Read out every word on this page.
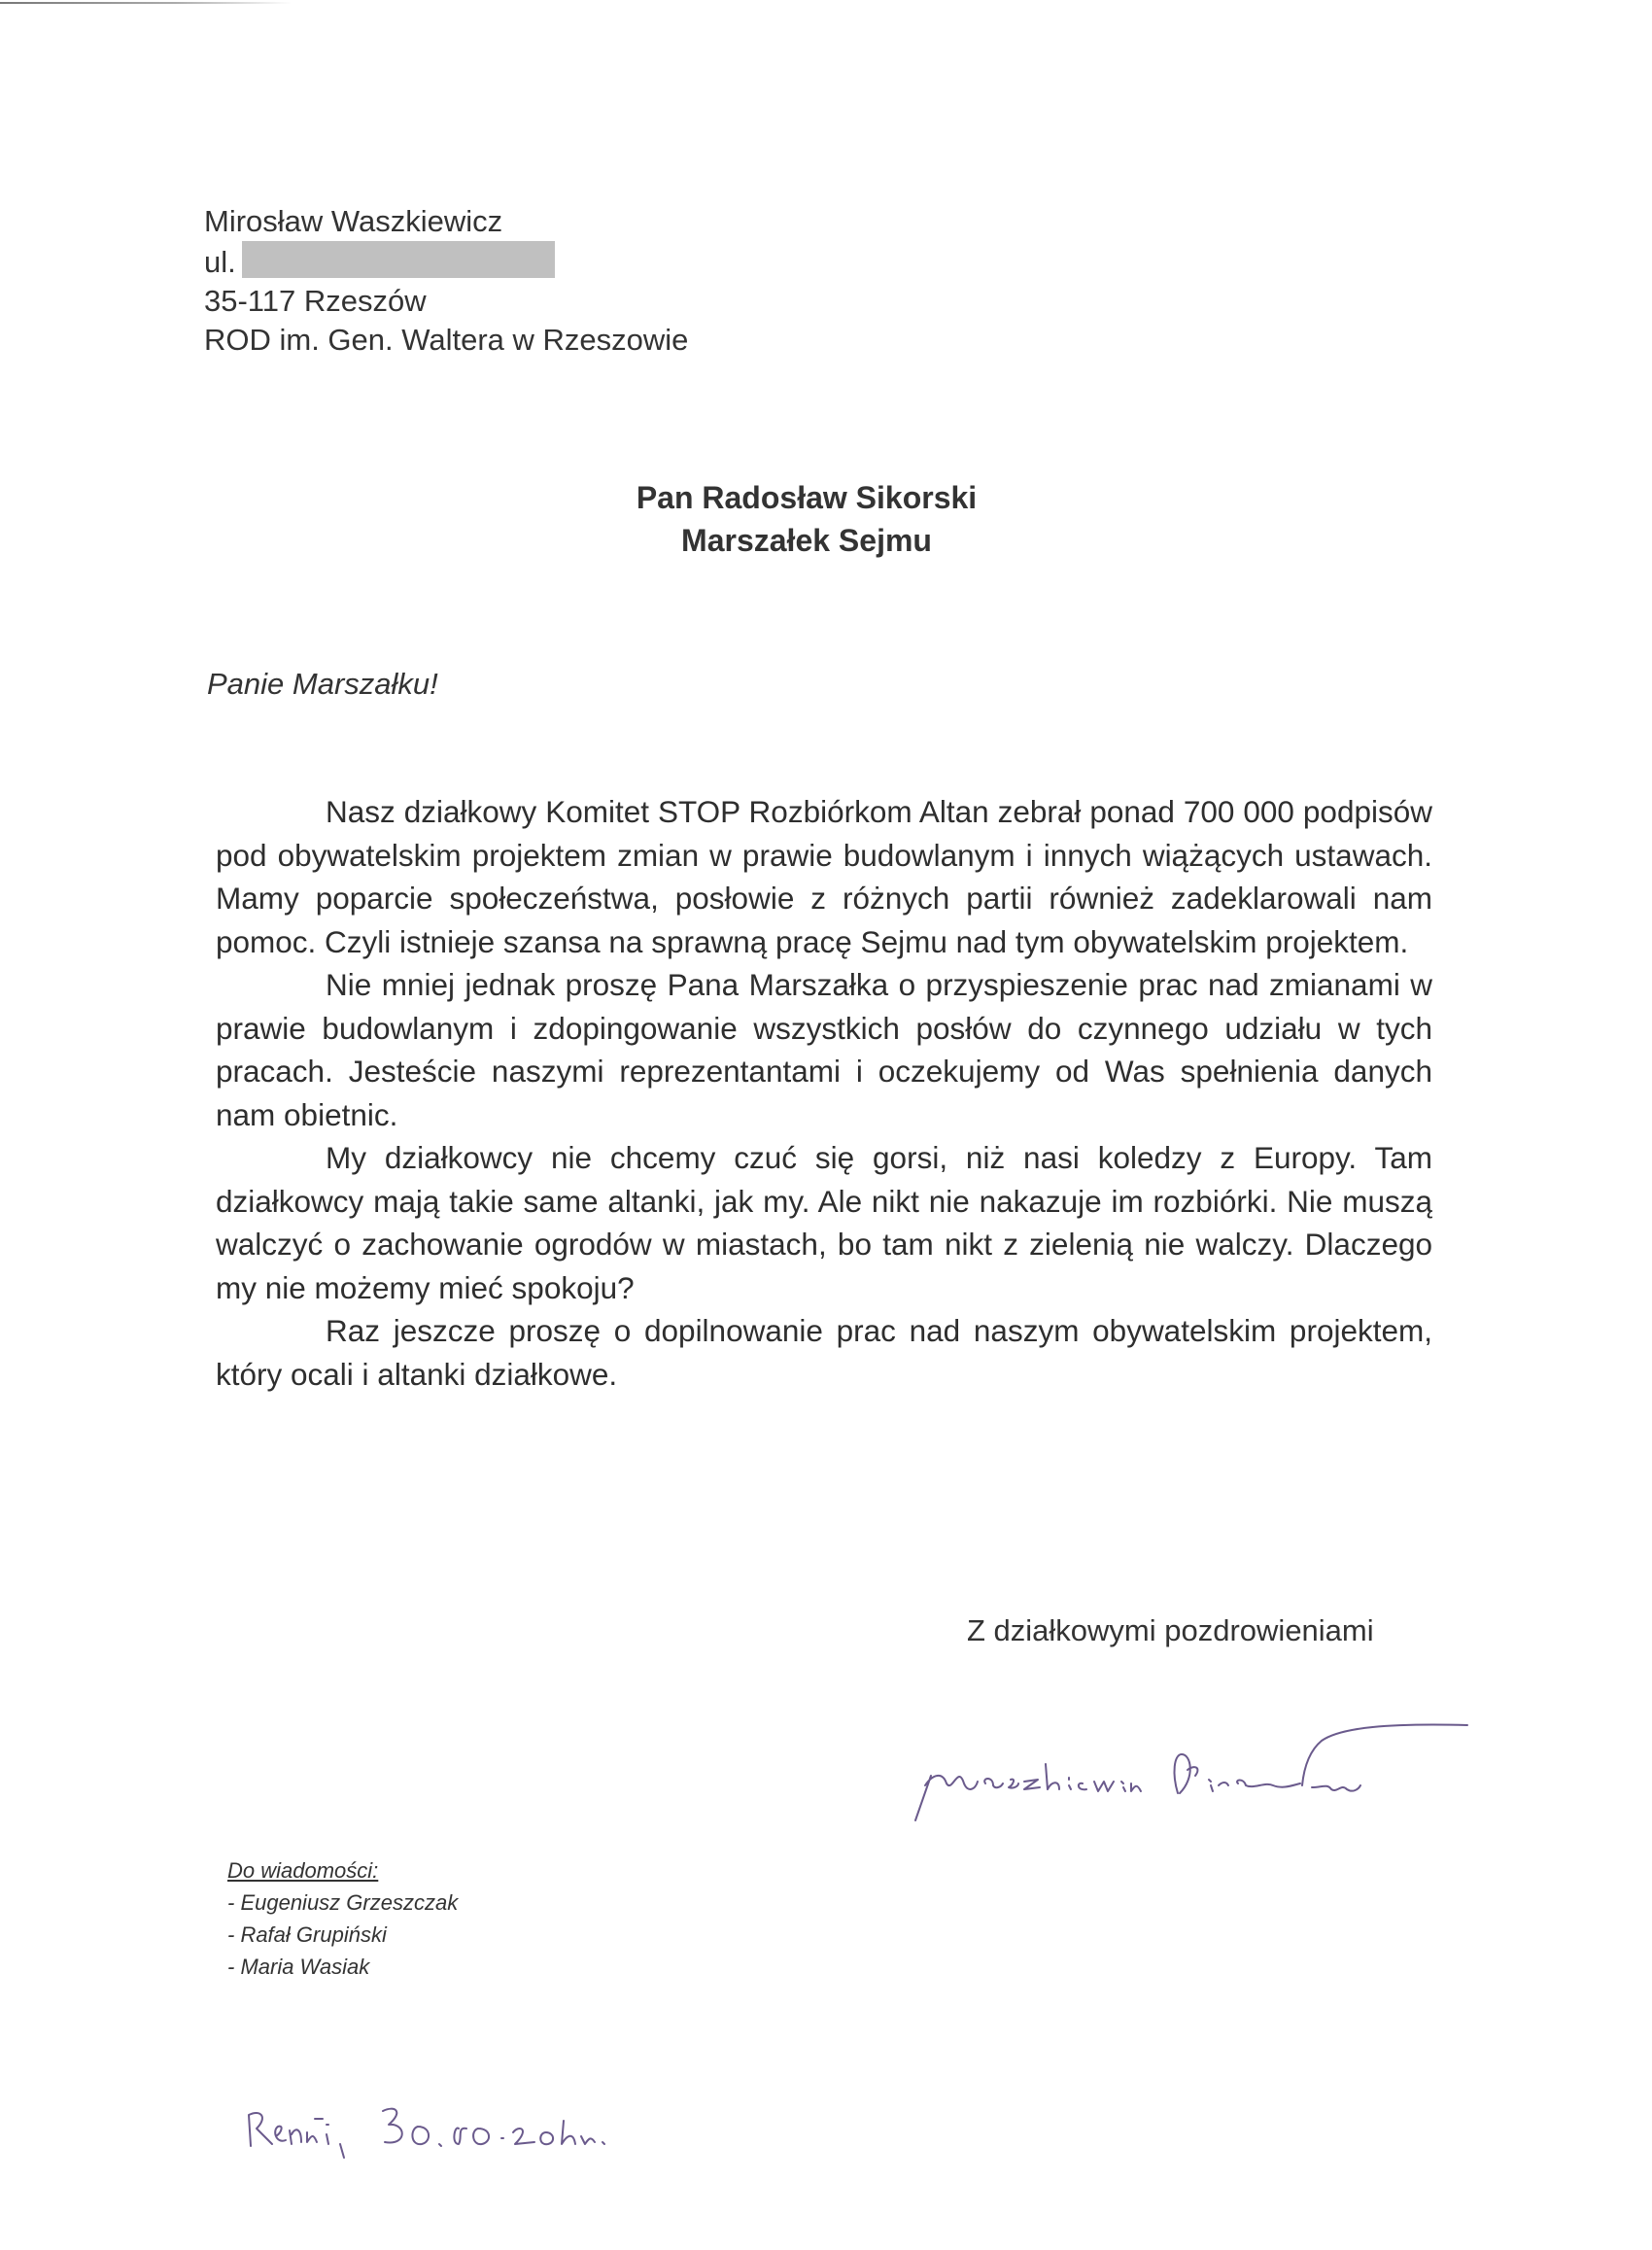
Mirosław Waszkiewicz
ul.
35-117 Rzeszów
ROD im. Gen. Waltera w Rzeszowie
Pan Radosław Sikorski
Marszałek Sejmu
Panie Marszałku!

Nasz działkowy Komitet STOP Rozbiórkom Altan zebrał ponad 700 000 podpisów pod obywatelskim projektem zmian w prawie budowlanym i innych wiążących ustawach. Mamy poparcie społeczeństwa, posłowie z różnych partii również zadeklarowali nam pomoc. Czyli istnieje szansa na sprawną pracę Sejmu nad tym obywatelskim projektem.

Nie mniej jednak proszę Pana Marszałka o przyspieszenie prac nad zmianami w prawie budowlanym i zdopingowanie wszystkich posłów do czynnego udziału w tych pracach. Jesteście naszymi reprezentantami i oczekujemy od Was spełnienia danych nam obietnic.

My działkowcy nie chcemy czuć się gorsi, niż nasi koledzy z Europy. Tam działkowcy mają takie same altanki, jak my. Ale nikt nie nakazuje im rozbiórki. Nie muszą walczyć o zachowanie ogrodów w miastach, bo tam nikt z zielenią nie walczy. Dlaczego my nie możemy mieć spokoju?

Raz jeszcze proszę o dopilnowanie prac nad naszym obywatelskim projektem, który ocali i altanki działkowe.

Z działkowymi pozdrowieniami
Do wiadomości:
- Eugeniusz Grzeszczak
- Rafał Grupiński
- Maria Wasiak
